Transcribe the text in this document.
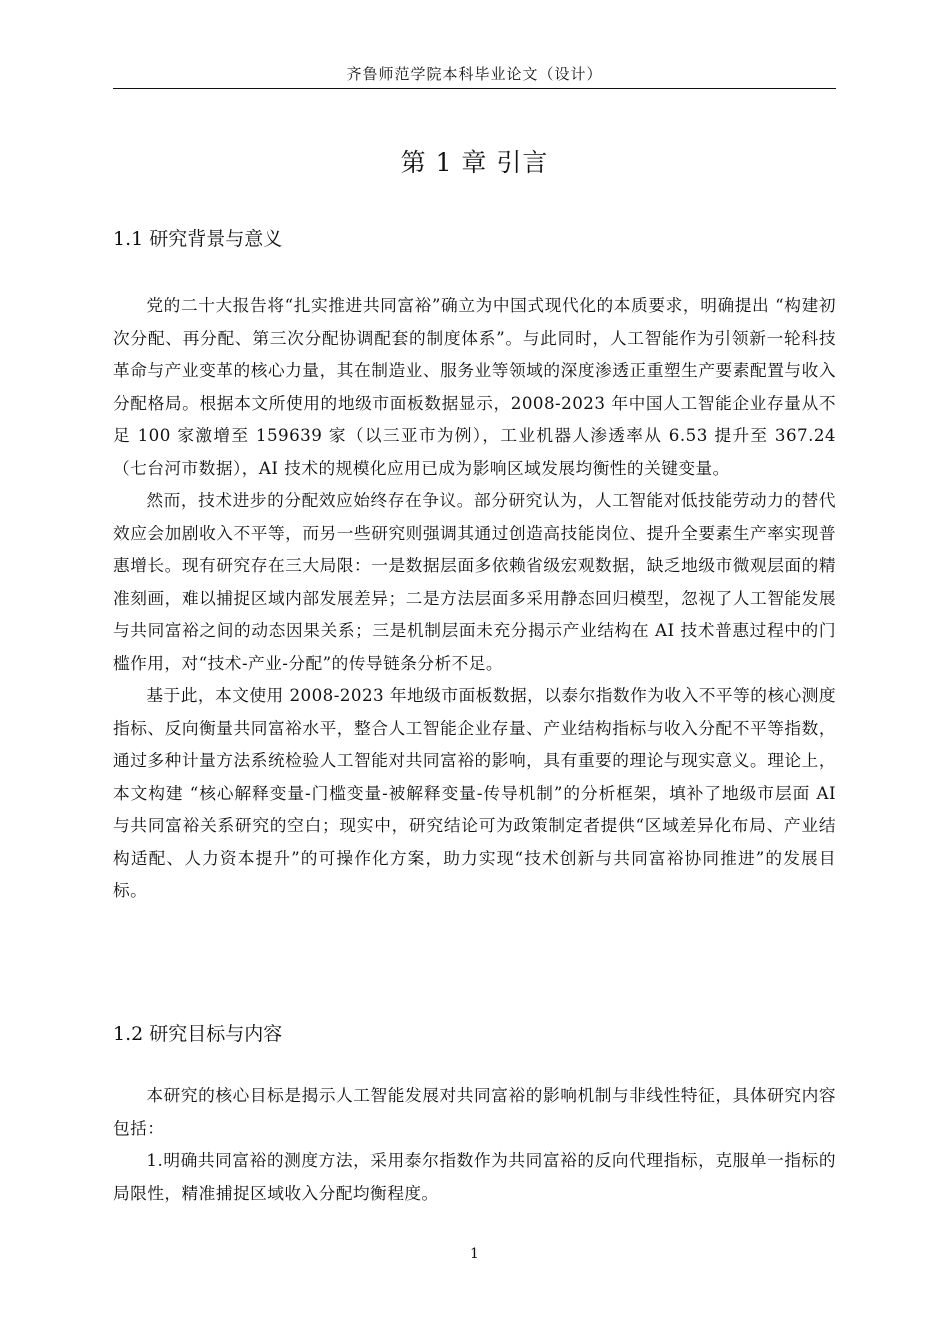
齐鲁师范学院本科毕业论文（设计）
第 1 章 引言
1.1 研究背景与意义

党的二十大报告将“扎实推进共同富裕”确立为中国式现代化的本质要求，明确提出 “构建初次分配、再分配、第三次分配协调配套的制度体系”。与此同时，人工智能作为引领新一轮科技革命与产业变革的核心力量，其在制造业、服务业等领域的深度渗透正重塑生产要素配置与收入分配格局。根据本文所使用的地级市面板数据显示，2008-2023 年中国人工智能企业存量从不足 100 家激增至 159639 家（以三亚市为例），工业机器人渗透率从 6.53 提升至 367.24（七台河市数据），AI 技术的规模化应用已成为影响区域发展均衡性的关键变量。

然而，技术进步的分配效应始终存在争议。部分研究认为，人工智能对低技能劳动力的替代效应会加剧收入不平等，而另一些研究则强调其通过创造高技能岗位、提升全要素生产率实现普惠增长。现有研究存在三大局限：一是数据层面多依赖省级宏观数据，缺乏地级市微观层面的精准刻画，难以捕捉区域内部发展差异；二是方法层面多采用静态回归模型，忽视了人工智能发展与共同富裕之间的动态因果关系；三是机制层面未充分揭示产业结构在 AI 技术普惠过程中的门槛作用，对“技术-产业-分配”的传导链条分析不足。

基于此，本文使用 2008-2023 年地级市面板数据，以泰尔指数作为收入不平等的核心测度指标、反向衡量共同富裕水平，整合人工智能企业存量、产业结构指标与收入分配不平等指数，通过多种计量方法系统检验人工智能对共同富裕的影响，具有重要的理论与现实意义。理论上，本文构建 “核心解释变量-门槛变量-被解释变量-传导机制”的分析框架，填补了地级市层面 AI 与共同富裕关系研究的空白；现实中，研究结论可为政策制定者提供“区域差异化布局、产业结构适配、人力资本提升”的可操作化方案，助力实现“技术创新与共同富裕协同推进”的发展目标。

1.2 研究目标与内容

本研究的核心目标是揭示人工智能发展对共同富裕的影响机制与非线性特征，具体研究内容包括：

1.明确共同富裕的测度方法，采用泰尔指数作为共同富裕的反向代理指标，克服单一指标的局限性，精准捕捉区域收入分配均衡程度。

1
